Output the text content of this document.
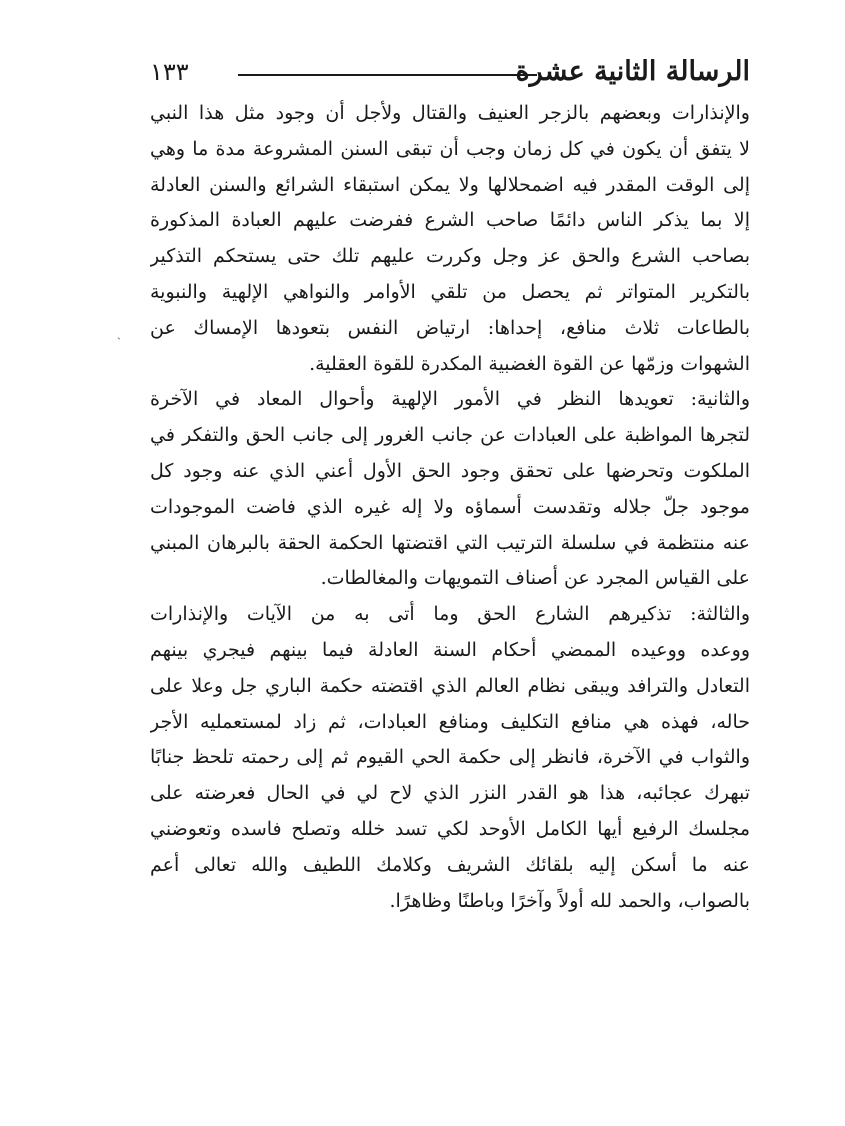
الرسالة الثانية عشرة
١٣٣
والإنذارات وبعضهم بالزجر العنيف والقتال ولأجل أن وجود مثل هذا النبي
لا يتفق أن يكون في كل زمان وجب أن تبقى السنن المشروعة مدة ما وهي
إلى الوقت المقدر فيه اضمحلالها ولا يمكن استبقاء الشرائع والسنن العادلة
إلا بما يذكر الناس دائمًا صاحب الشرع ففرضت عليهم العبادة المذكورة
بصاحب الشرع والحق عز وجل وكررت عليهم تلك حتى يستحكم التذكير
بالتكرير المتواتر ثم يحصل من تلقي الأوامر والنواهي الإلهية والنبوية
بالطاعات ثلاث منافع، إحداها: ارتياض النفس بتعودها الإمساك عن
الشهوات وزمّها عن القوة الغضبية المكدرة للقوة العقلية.
والثانية: تعويدها النظر في الأمور الإلهية وأحوال المعاد في الآخرة
لتجرها المواظبة على العبادات عن جانب الغرور إلى جانب الحق والتفكر في
الملكوت وتحرضها على تحقق وجود الحق الأول أعني الذي عنه وجود كل
موجود جلّ جلاله وتقدست أسماؤه ولا إله غيره الذي فاضت الموجودات
عنه منتظمة في سلسلة الترتيب التي اقتضتها الحكمة الحقة بالبرهان المبني
على القياس المجرد عن أصناف التمويهات والمغالطات.
والثالثة: تذكيرهم الشارع الحق وما أتى به من الآيات والإنذارات
ووعده ووعيده الممضي أحكام السنة العادلة فيما بينهم فيجري بينهم
التعادل والترافد ويبقى نظام العالم الذي اقتضته حكمة الباري جل وعلا على
حاله، فهذه هي منافع التكليف ومنافع العبادات، ثم زاد لمستعمليه الأجر
والثواب في الآخرة، فانظر إلى حكمة الحي القيوم ثم إلى رحمته تلحظ جنابًا
تبهرك عجائبه، هذا هو القدر النزر الذي لاح لي في الحال فعرضته على
مجلسك الرفيع أيها الكامل الأوحد لكي تسد خلله وتصلح فاسده وتعوضني
عنه ما أسكن إليه بلقائك الشريف وكلامك اللطيف والله تعالى أعم
بالصواب، والحمد لله أولاً وآخرًا وباطنًا وظاهرًا.
ˎ
